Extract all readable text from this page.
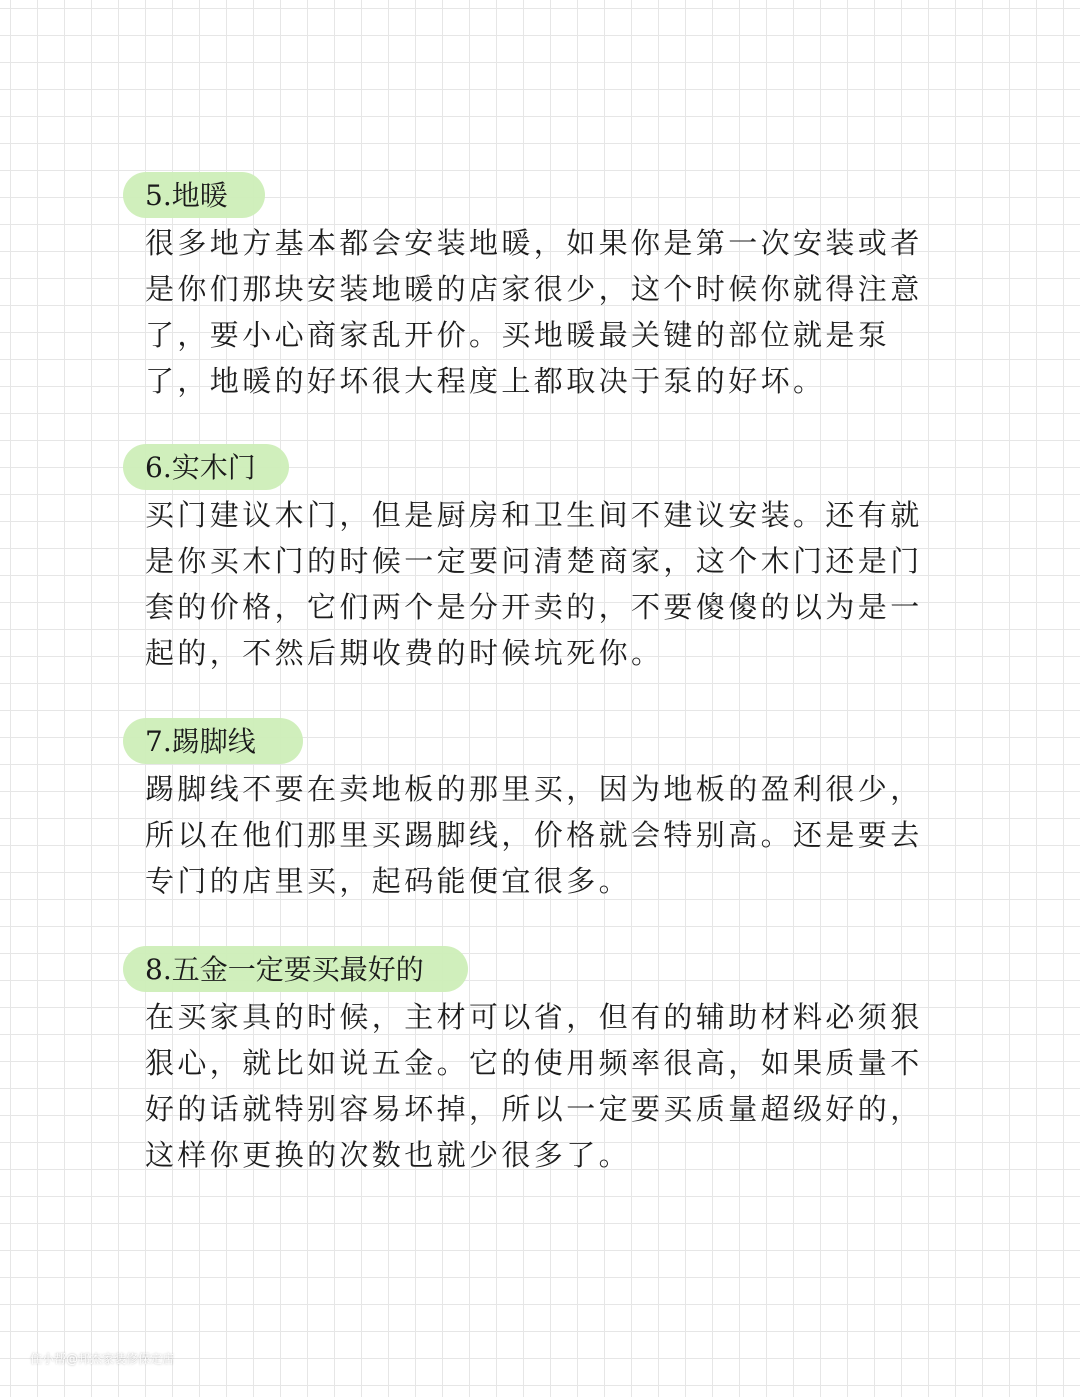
5.地暖

很多地方基本都会安装地暖，如果你是第一次安装或者是你们那块安装地暖的店家很少，这个时候你就得注意了，要小心商家乱开价。买地暖最关键的部位就是泵了，地暖的好坏很大程度上都取决于泵的好坏。

6.实木门

买门建议木门，但是厨房和卫生间不建议安装。还有就是你买木门的时候一定要问清楚商家，这个木门还是门套的价格，它们两个是分开卖的，不要傻傻的以为是一起的，不然后期收费的时候坑死你。

7.踢脚线

踢脚线不要在卖地板的那里买，因为地板的盈利很少，所以在他们那里买踢脚线，价格就会特别高。还是要去专门的店里买，起码能便宜很多。

8.五金一定要买最好的

在买家具的时候，主材可以省，但有的辅助材料必须狠狠心，就比如说五金。它的使用频率很高，如果质量不好的话就特别容易坏掉，所以一定要买质量超级好的，这样你更换的次数也就少很多了。

住小帮@邦杰家装修保定店
